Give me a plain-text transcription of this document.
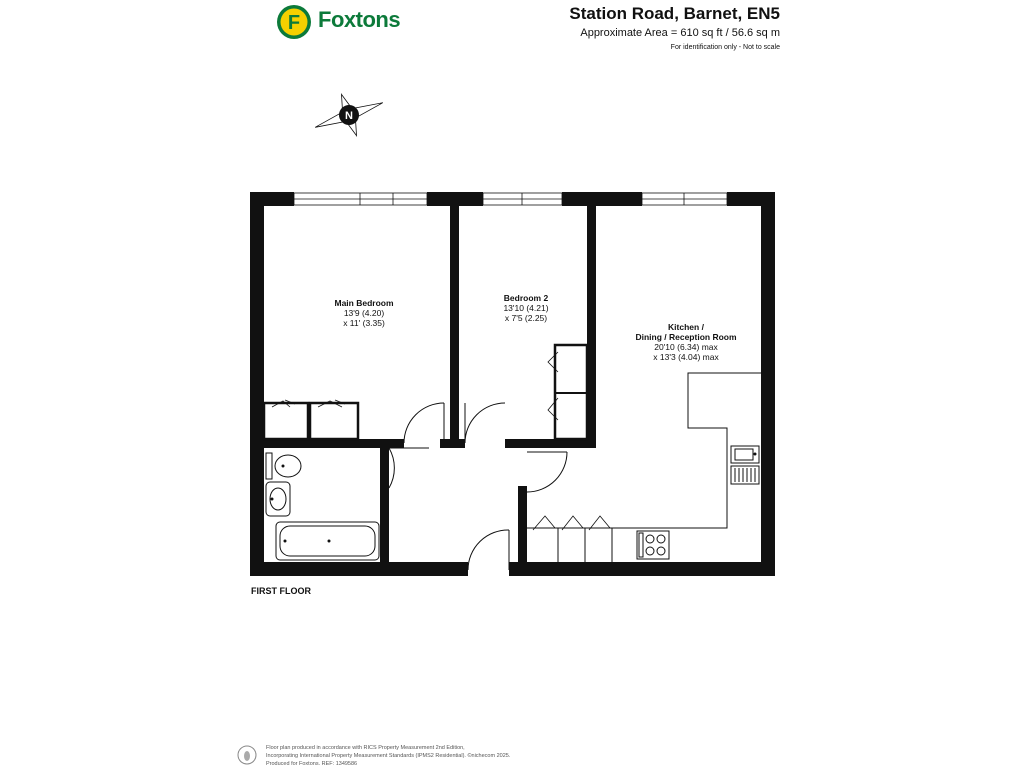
F Foxtons	Station Road, Barnet, EN5
Approximate Area = 610 sq ft / 56.6 sq m
For identification only - Not to scale
N
Main Bedroom
13'9 (4.20)
x 11' (3.35)
Bedroom 2
13'10 (4.21)
x 7'5 (2.25)
Kitchen /
Dining / Reception Room
20'10 (6.34) max
x 13'3 (4.04) max
FIRST FLOOR
Floor plan produced in accordance with RICS Property Measurement 2nd Edition,
Incorporating International Property Measurement Standards (IPMS2 Residential). ©nichecom 2025.
Produced for Foxtons. REF: 1349586
